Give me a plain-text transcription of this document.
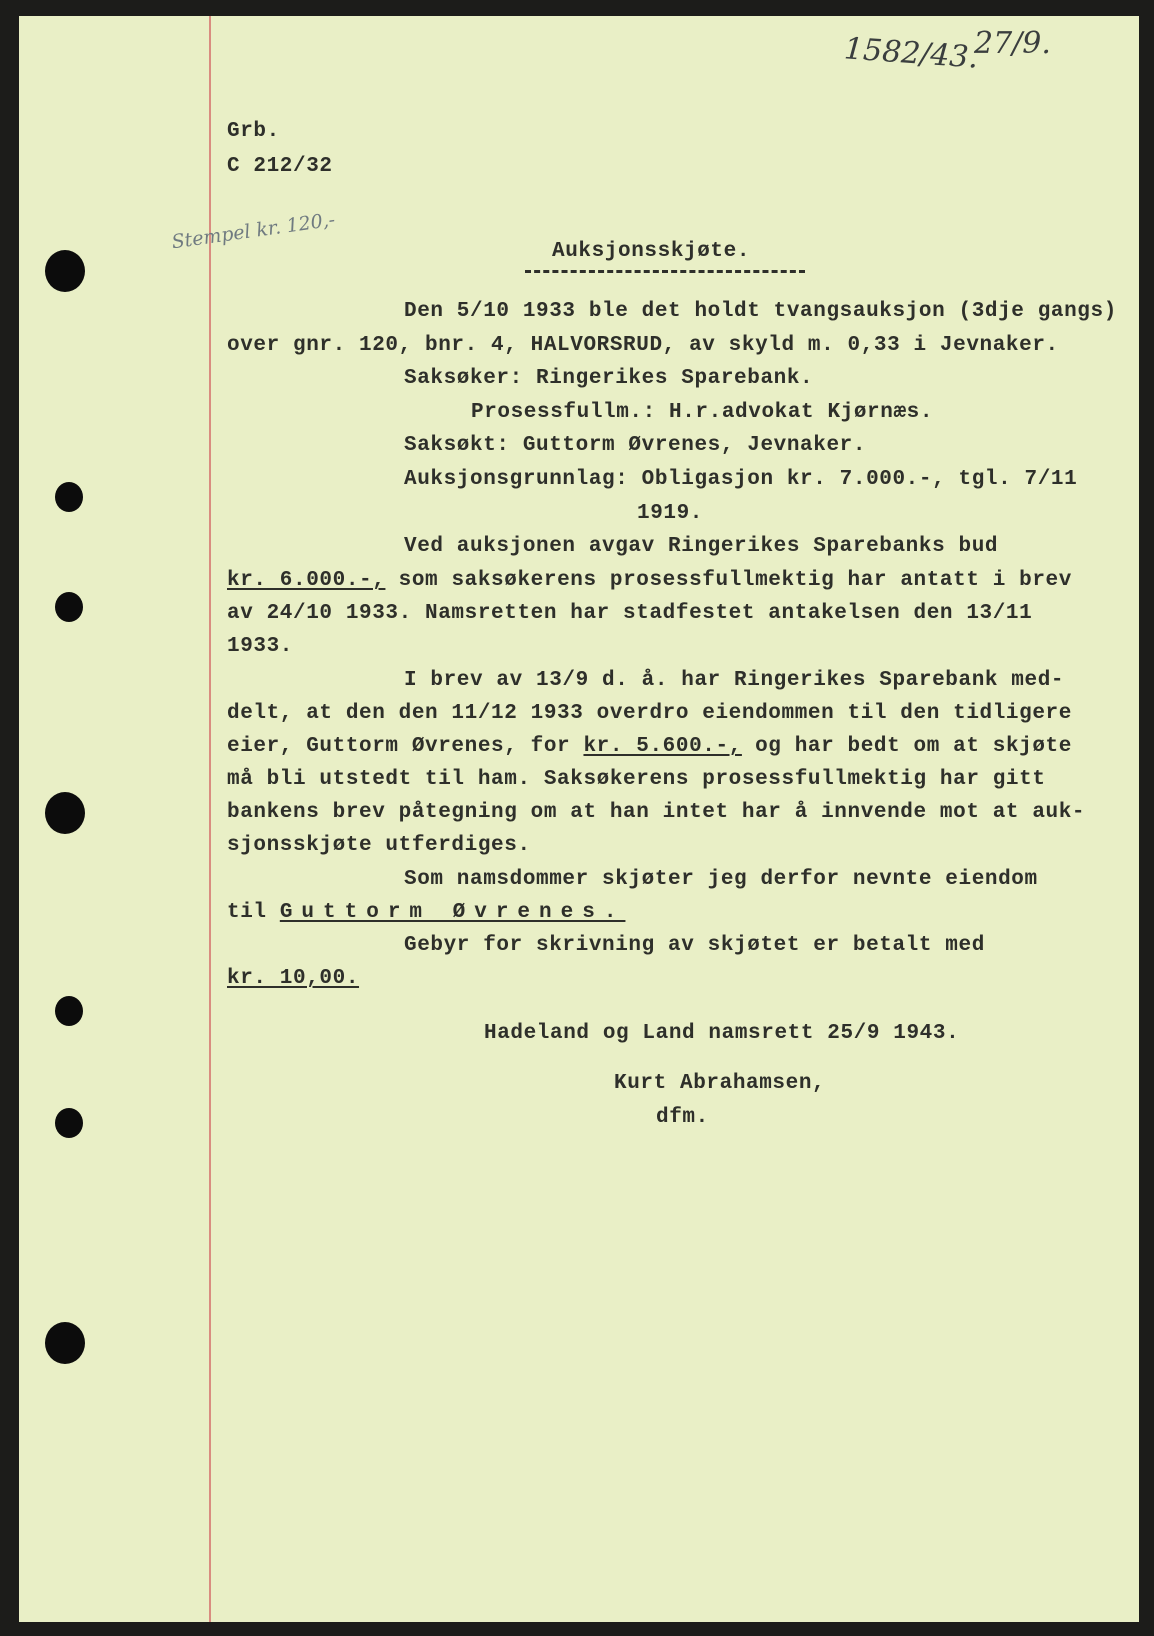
1582/43.
27/9.
Stempel kr. 120,-
Grb.
C 212/32
Auksjonsskjøte.
Den 5/10 1933 ble det holdt tvangsauksjon (3dje gangs)
over gnr. 120, bnr. 4, HALVORSRUD, av skyld m. 0,33 i Jevnaker.
Saksøker: Ringerikes Sparebank.
Prosessfullm.: H.r.advokat Kjørnæs.
Saksøkt: Guttorm Øvrenes, Jevnaker.
Auksjonsgrunnlag: Obligasjon kr. 7.000.-, tgl. 7/11
1919.
Ved auksjonen avgav Ringerikes Sparebanks bud
kr. 6.000.-, som saksøkerens prosessfullmektig har antatt i brev
av 24/10 1933. Namsretten har stadfestet antakelsen den 13/11
1933.
I brev av 13/9 d. å. har Ringerikes Sparebank med-
delt, at den den 11/12 1933 overdro eiendommen til den tidligere
eier, Guttorm Øvrenes, for kr. 5.600.-, og har bedt om at skjøte
må bli utstedt til ham. Saksøkerens prosessfullmektig har gitt
bankens brev påtegning om at han intet har å innvende mot at auk-
sjonsskjøte utferdiges.
Som namsdommer skjøter jeg derfor nevnte eiendom
til Guttorm Øvrenes.
Gebyr for skrivning av skjøtet er betalt med
kr. 10,00.
Hadeland og Land namsrett 25/9 1943.
Kurt Abrahamsen,
dfm.
